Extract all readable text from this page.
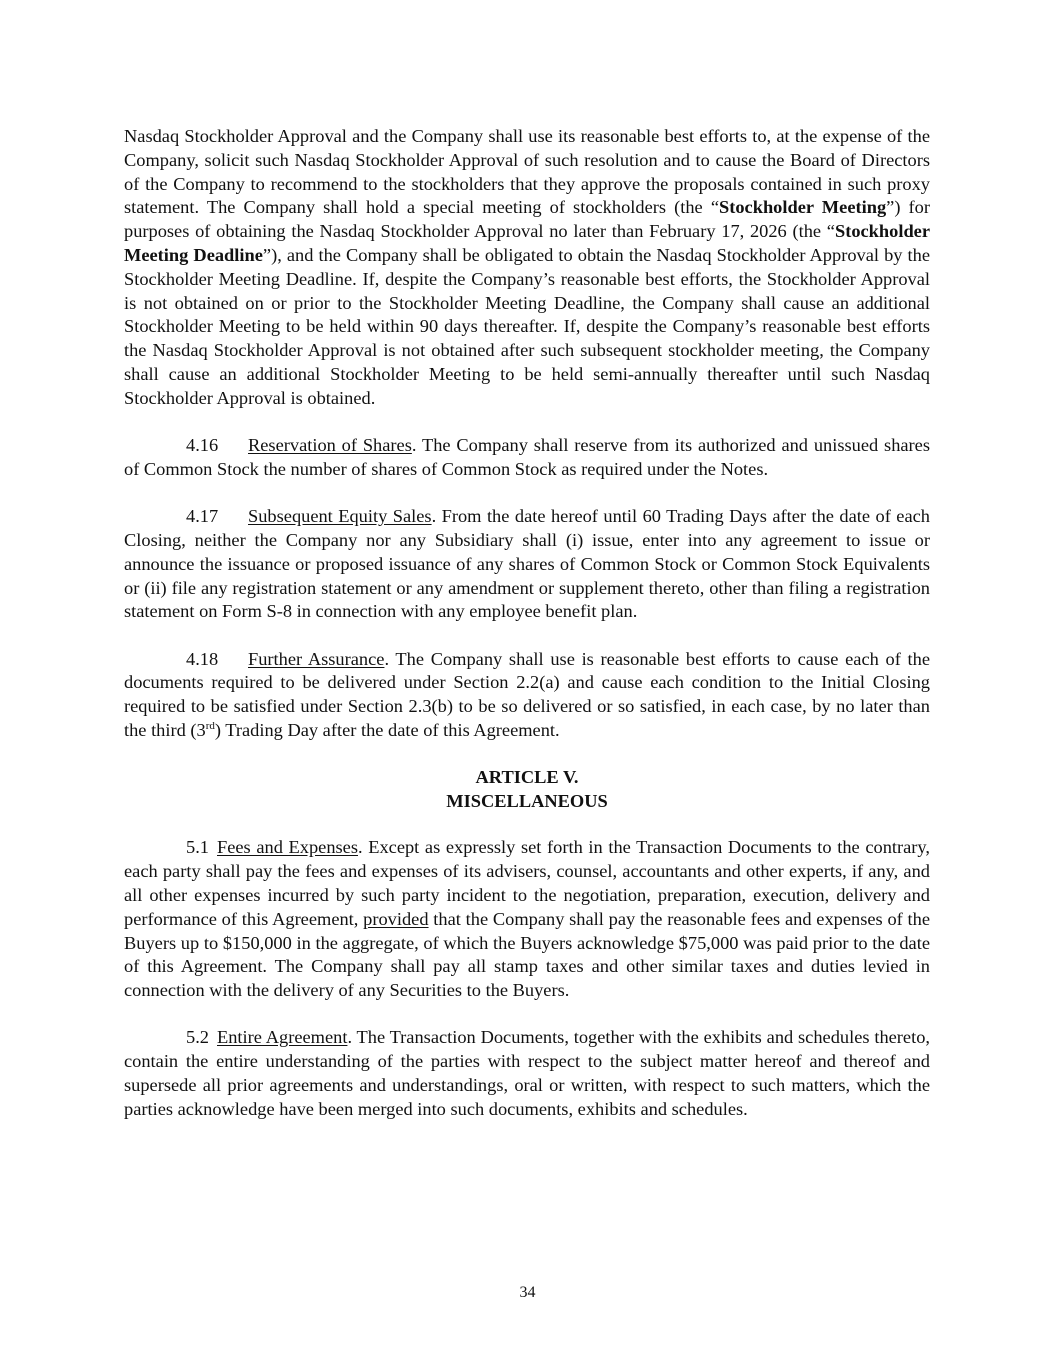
Nasdaq Stockholder Approval and the Company shall use its reasonable best efforts to, at the expense of the Company, solicit such Nasdaq Stockholder Approval of such resolution and to cause the Board of Directors of the Company to recommend to the stockholders that they approve the proposals contained in such proxy statement. The Company shall hold a special meeting of stockholders (the “Stockholder Meeting”) for purposes of obtaining the Nasdaq Stockholder Approval no later than February 17, 2026 (the “Stockholder Meeting Deadline”), and the Company shall be obligated to obtain the Nasdaq Stockholder Approval by the Stockholder Meeting Deadline. If, despite the Company’s reasonable best efforts, the Stockholder Approval is not obtained on or prior to the Stockholder Meeting Deadline, the Company shall cause an additional Stockholder Meeting to be held within 90 days thereafter. If, despite the Company’s reasonable best efforts the Nasdaq Stockholder Approval is not obtained after such subsequent stockholder meeting, the Company shall cause an additional Stockholder Meeting to be held semi-annually thereafter until such Nasdaq Stockholder Approval is obtained.

4.16 Reservation of Shares. The Company shall reserve from its authorized and unissued shares of Common Stock the number of shares of Common Stock as required under the Notes.

4.17 Subsequent Equity Sales. From the date hereof until 60 Trading Days after the date of each Closing, neither the Company nor any Subsidiary shall (i) issue, enter into any agreement to issue or announce the issuance or proposed issuance of any shares of Common Stock or Common Stock Equivalents or (ii) file any registration statement or any amendment or supplement thereto, other than filing a registration statement on Form S-8 in connection with any employee benefit plan.

4.18 Further Assurance. The Company shall use is reasonable best efforts to cause each of the documents required to be delivered under Section 2.2(a) and cause each condition to the Initial Closing required to be satisfied under Section 2.3(b) to be so delivered or so satisfied, in each case, by no later than the third (3rd) Trading Day after the date of this Agreement.

ARTICLE V.
MISCELLANEOUS

5.1 Fees and Expenses. Except as expressly set forth in the Transaction Documents to the contrary, each party shall pay the fees and expenses of its advisers, counsel, accountants and other experts, if any, and all other expenses incurred by such party incident to the negotiation, preparation, execution, delivery and performance of this Agreement, provided that the Company shall pay the reasonable fees and expenses of the Buyers up to $150,000 in the aggregate, of which the Buyers acknowledge $75,000 was paid prior to the date of this Agreement. The Company shall pay all stamp taxes and other similar taxes and duties levied in connection with the delivery of any Securities to the Buyers.

5.2 Entire Agreement. The Transaction Documents, together with the exhibits and schedules thereto, contain the entire understanding of the parties with respect to the subject matter hereof and thereof and supersede all prior agreements and understandings, oral or written, with respect to such matters, which the parties acknowledge have been merged into such documents, exhibits and schedules.

34
